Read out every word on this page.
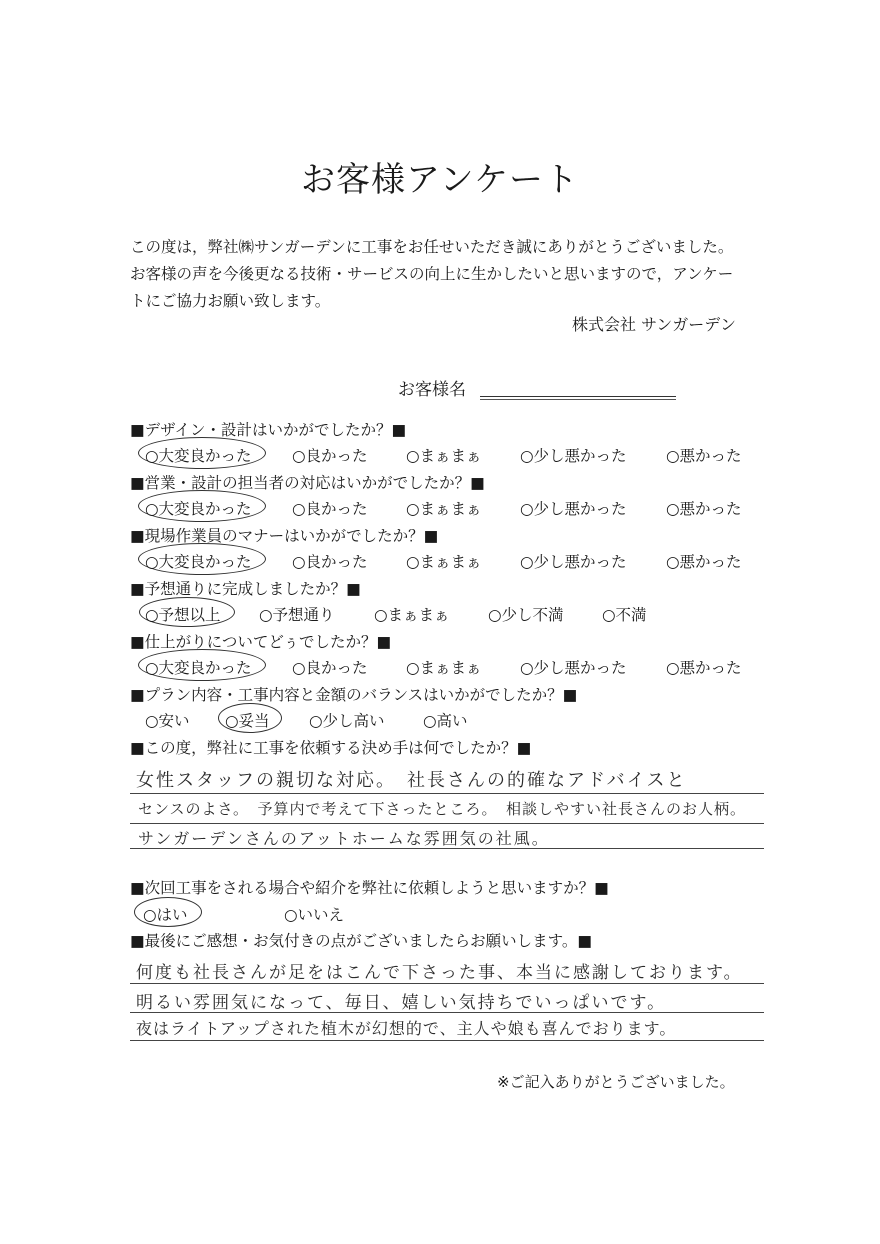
お客様アンケート
この度は，弊社㈱サンガーデンに工事をお任せいただき誠にありがとうございました。
お客様の声を今後更なる技術・サービスの向上に生かしたいと思いますので，アンケー
トにご協力お願い致します。
株式会社 サンガーデン
お客様名
■デザイン・設計はいかがでしたか？■
○大変良かった	○良かった ○まぁまぁ ○少し悪かった	○悪かった
■営業・設計の担当者の対応はいかがでしたか？■
○大変良かった	○良かった ○まぁまぁ ○少し悪かった	○悪かった
■現場作業員のマナーはいかがでしたか？■
○大変良かった	○良かった ○まぁまぁ ○少し悪かった	○悪かった
■予想通りに完成しましたか？■
○予想以上 ○予想通り	○まぁまぁ ○少し不満 ○不満
■仕上がりについてどぅでしたか？■
○大変良かった	○良かった ○まぁまぁ ○少し悪かった	○悪かった
■プラン内容・工事内容と金額のバランスはいかがでしたか？■
○安い ○妥当	○少し高い ○高い
■この度，弊社に工事を依頼する決め手は何でしたか？■
女性スタッフの親切な対応。　社長さんの的確なアドバイスと
センスのよさ。　予算内で考えて下さったところ。　相談しやすい社長さんのお人柄。
サンガーデンさんのアットホームな雰囲気の社風。
■次回工事をされる場合や紹介を弊社に依頼しようと思いますか？■
○はい	○いいえ
■最後にご感想・お気付きの点がございましたらお願いします。■
何度も社長さんが足をはこんで下さった事、本当に感謝しております。
明るい雰囲気になって、毎日、嬉しい気持ちでいっぱいです。
夜はライトアップされた植木が幻想的で、主人や娘も喜んでおります。
※ご記入ありがとうございました。
